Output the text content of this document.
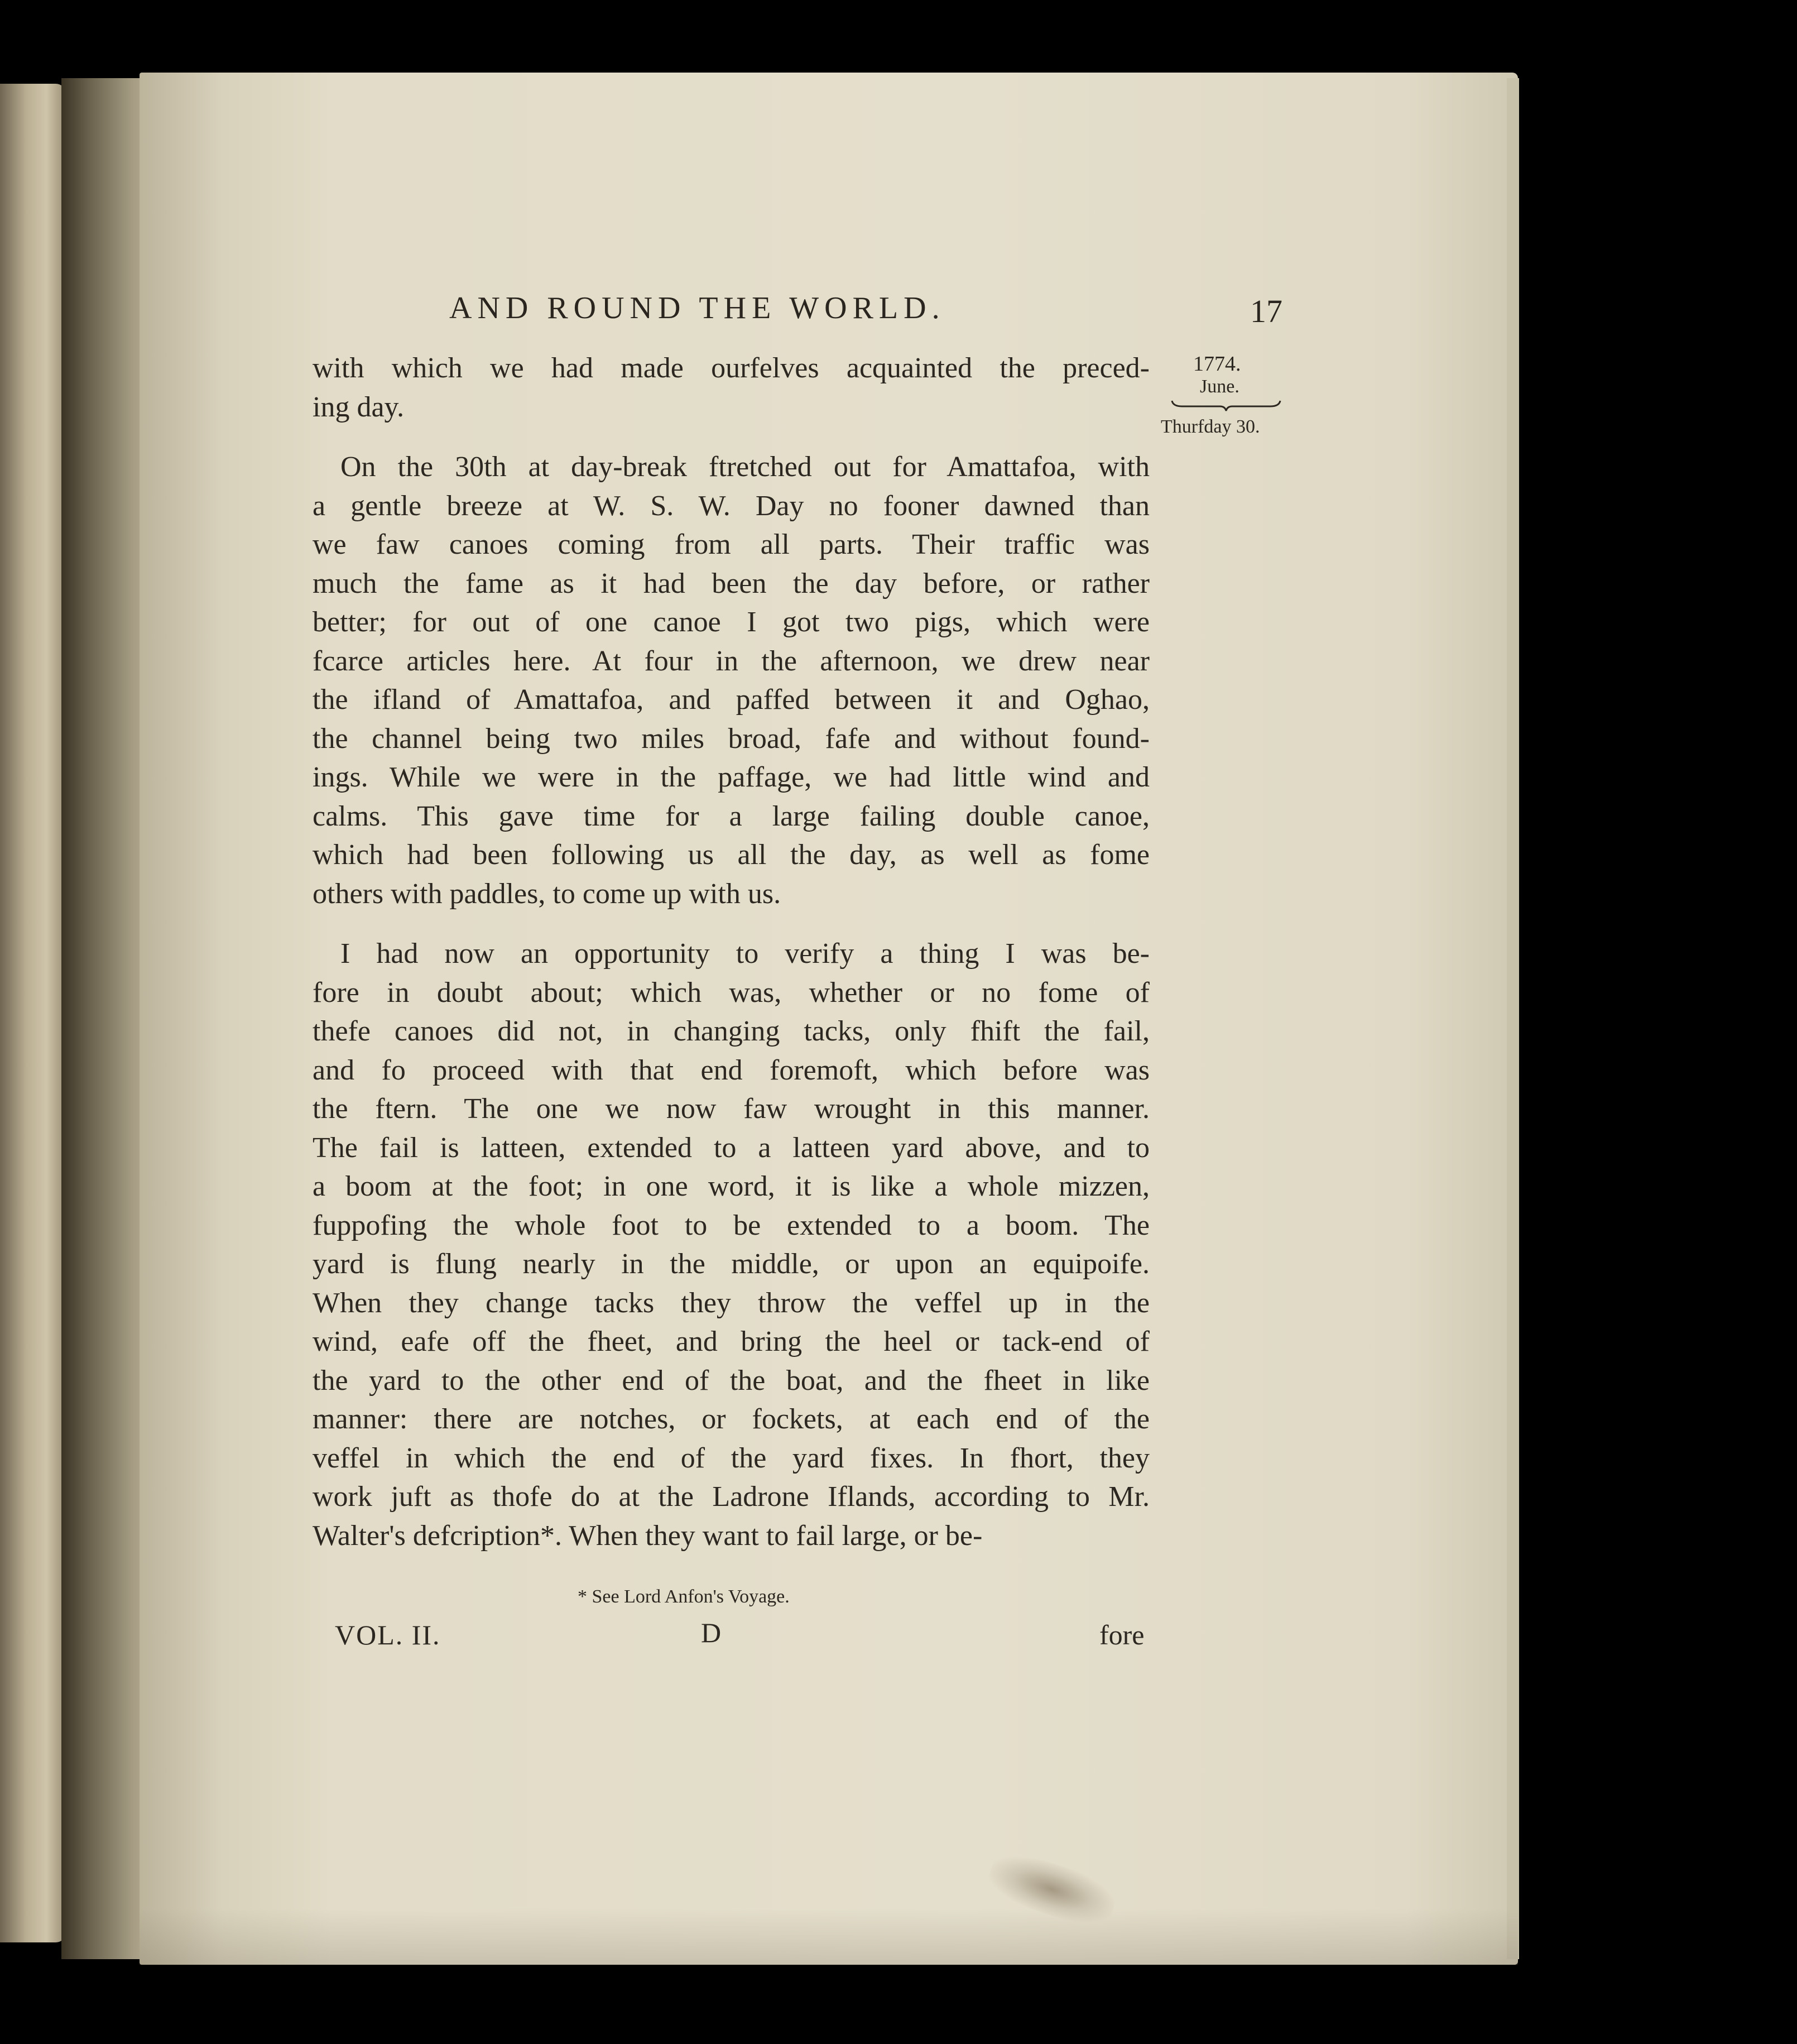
AND ROUND THE WORLD.	17
1774.
June.
Thurfday 30.

with which we had made ourfelves acquainted the preced-

ing day.

On the 30th at day-break ftretched out for Amattafoa, with

a gentle breeze at W. S. W. Day no fooner dawned than

we faw canoes coming from all parts. Their traffic was

much the fame as it had been the day before, or rather

better; for out of one canoe I got two pigs, which were

fcarce articles here. At four in the afternoon, we drew near

the ifland of Amattafoa, and paffed between it and Oghao,

the channel being two miles broad, fafe and without found-

ings. While we were in the paffage, we had little wind and

calms. This gave time for a large failing double canoe,

which had been following us all the day, as well as fome

others with paddles, to come up with us.

I had now an opportunity to verify a thing I was be-

fore in doubt about; which was, whether or no fome of

thefe canoes did not, in changing tacks, only fhift the fail,

and fo proceed with that end foremoft, which before was

the ftern. The one we now faw wrought in this manner.

The fail is latteen, extended to a latteen yard above, and to

a boom at the foot; in one word, it is like a whole mizzen,

fuppofing the whole foot to be extended to a boom. The

yard is flung nearly in the middle, or upon an equipoife.

When they change tacks they throw the veffel up in the

wind, eafe off the fheet, and bring the heel or tack-end of

the yard to the other end of the boat, and the fheet in like

manner: there are notches, or fockets, at each end of the

veffel in which the end of the yard fixes. In fhort, they

work juft as thofe do at the Ladrone Iflands, according to Mr.

Walter's defcription*. When they want to fail large, or be-

* See Lord Anfon's Voyage.
VOL. II.	D	fore
